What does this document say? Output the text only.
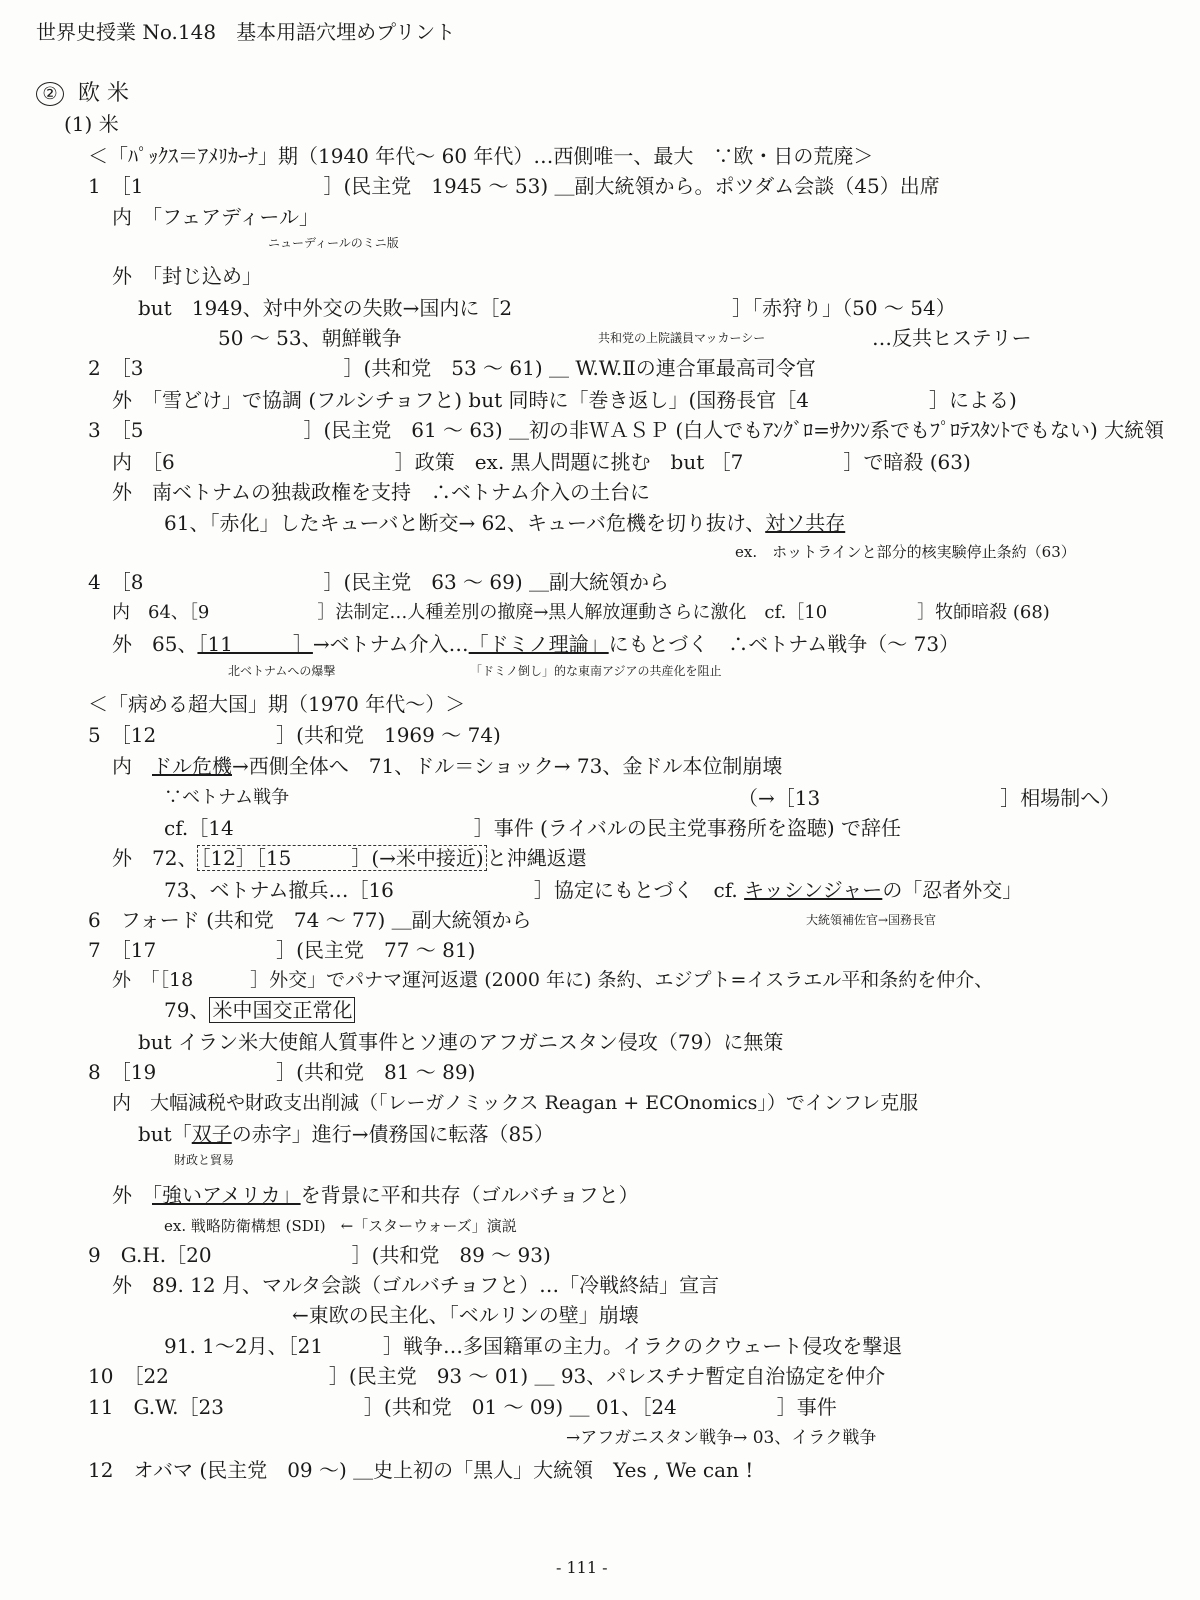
世界史授業 No.148　基本用語穴埋めプリント
② 欧 米
(1) 米
＜「ﾊﾟｯｸｽ＝ｱﾒﾘｶｰﾅ」期（1940 年代～ 60 年代）…西側唯一、最大　∵欧・日の荒廃＞
1　［1　　　　　　　　　］(民主党　1945 ～ 53) ＿副大統領から。ポツダム会談（45）出席
内　「フェアディール」
ニューディールのミニ版
外　「封じ込め」
but　1949、対中外交の失敗→国内に［2　　　　　　　　　　　］「赤狩り」（50 ～ 54）
50 ～ 53、朝鮮戦争	共和党の上院議員マッカーシー	…反共ヒステリー
2　［3　　　　　　　　　　］(共和党　53 ～ 61) ＿ W.W.Ⅱの連合軍最高司令官
外　「雪どけ」で協調 (フルシチョフと) but 同時に「巻き返し」(国務長官［4　　　　　　］による)
3　［5　　　　　　　　］(民主党　61 ～ 63) ＿初の非ＷＡＳＰ (白人でもｱﾝｸﾞﾛ=ｻｸｿﾝ系でもﾌﾟﾛﾃｽﾀﾝﾄでもない) 大統領
内　［6　　　　　　　　　　　］政策　ex. 黒人問題に挑む　but ［7　　　　　］で暗殺 (63)
外　南ベトナムの独裁政権を支持　∴ベトナム介入の土台に
61、「赤化」したキューバと断交→ 62、キューバ危機を切り抜け、対ソ共存
ex.　ホットラインと部分的核実験停止条約（63）
4　［8　　　　　　　　　］(民主党　63 ～ 69) ＿副大統領から
内　64、［9　　　　　　］法制定…人種差別の撤廃→黒人解放運動さらに激化　cf.［10　　　　　］牧師暗殺 (68)
外　65、［11　　　］→ベトナム介入…「ドミノ理論」にもとづく　∴ベトナム戦争（～ 73）
北ベトナムへの爆撃	「ドミノ倒し」的な東南アジアの共産化を阻止
＜「病める超大国」期（1970 年代～）＞
5　［12　　　　　　］(共和党　1969 ～ 74)
内　ドル危機→西側全体へ　71、ドル＝ショック→ 73、金ドル本位制崩壊
∵ベトナム戦争	（→［13　　　　　　　　　］相場制へ）
cf.［14　　　　　　　　　　　　］事件 (ライバルの民主党事務所を盗聴) で辞任
外　72、 ［12］［15　　　］(→米中接近) と沖縄返還
73、ベトナム撤兵…［16　　　　　　　］協定にもとづく　cf. キッシンジャーの「忍者外交」
6　フォード (共和党　74 ～ 77) ＿副大統領から	大統領補佐官→国務長官
7　［17　　　　　　］(民主党　77 ～ 81)
外　「［18　　　］外交」でパナマ運河返還 (2000 年に) 条約、エジプト=イスラエル平和条約を仲介、
79、 米中国交正常化
but イラン米大使館人質事件とソ連のアフガニスタン侵攻（79）に無策
8　［19　　　　　　］(共和党　81 ～ 89)
内　大幅減税や財政支出削減（「レーガノミックス Reagan + ECOnomics」）でインフレ克服
but「双子の赤字」進行→債務国に転落（85）
財政と貿易
外　「強いアメリカ」を背景に平和共存（ゴルバチョフと）
ex. 戦略防衛構想 (SDI)　←「スターウォーズ」演説
9　G.H.［20　　　　　　　］(共和党　89 ～ 93)
外　89. 12 月、マルタ会談（ゴルバチョフと）…「冷戦終結」宣言
←東欧の民主化、「ベルリンの壁」崩壊
91. 1～2月、［21　　　］戦争…多国籍軍の主力。イラクのクウェート侵攻を撃退
10　［22　　　　　　　　］(民主党　93 ～ 01) ＿ 93、パレスチナ暫定自治協定を仲介
11　G.W.［23　　　　　　　］(共和党　01 ～ 09) ＿ 01、［24　　　　　］事件
→アフガニスタン戦争→ 03、イラク戦争
12　オバマ (民主党　09 ～) ＿史上初の「黒人」大統領　Yes , We can !
- 111 -
